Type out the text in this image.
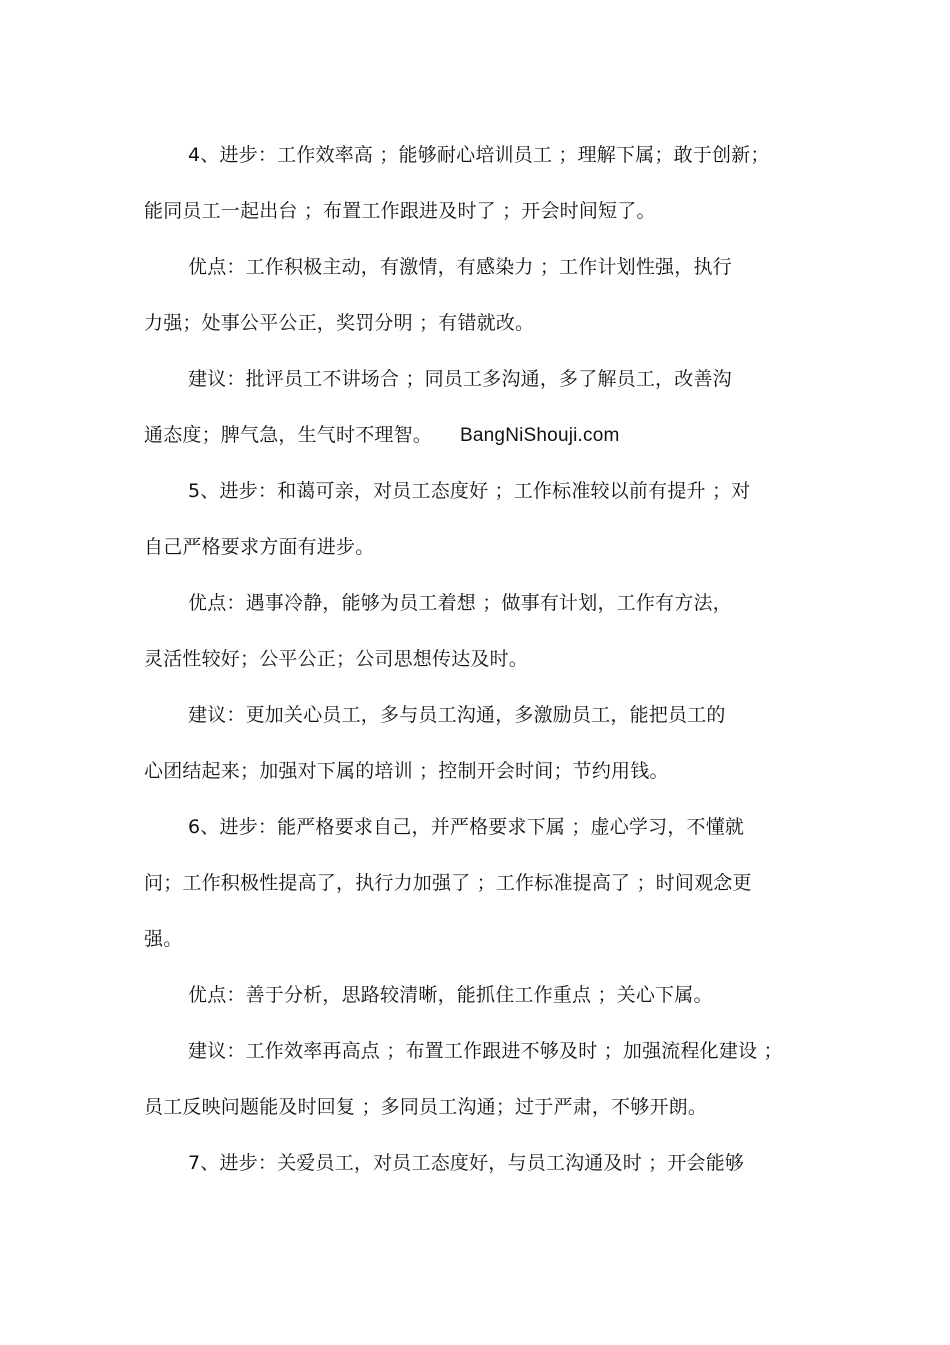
4、进步：工作效率高 ；能够耐心培训员工 ；理解下属；敢于创新；
能同员工一起出台 ；布置工作跟进及时了 ；开会时间短了。
优点：工作积极主动，有激情，有感染力 ；工作计划性强，执行
力强；处事公平公正，奖罚分明 ；有错就改。
建议：批评员工不讲场合 ；同员工多沟通，多了解员工，改善沟
通态度；脾气急，生气时不理智。 BangNiShouji.com
5、进步：和蔼可亲，对员工态度好 ；工作标准较以前有提升 ；对
自己严格要求方面有进步。
优点：遇事冷静，能够为员工着想 ；做事有计划，工作有方法，
灵活性较好；公平公正；公司思想传达及时。
建议：更加关心员工，多与员工沟通，多激励员工，能把员工的
心团结起来；加强对下属的培训 ；控制开会时间；节约用钱。
6、进步：能严格要求自己，并严格要求下属 ；虚心学习，不懂就
问；工作积极性提高了，执行力加强了 ；工作标准提高了 ；时间观念更
强。
优点：善于分析，思路较清晰，能抓住工作重点 ；关心下属。
建议：工作效率再高点 ；布置工作跟进不够及时 ；加强流程化建设 ；
员工反映问题能及时回复 ；多同员工沟通；过于严肃，不够开朗。
7、进步：关爱员工，对员工态度好，与员工沟通及时 ；开会能够
